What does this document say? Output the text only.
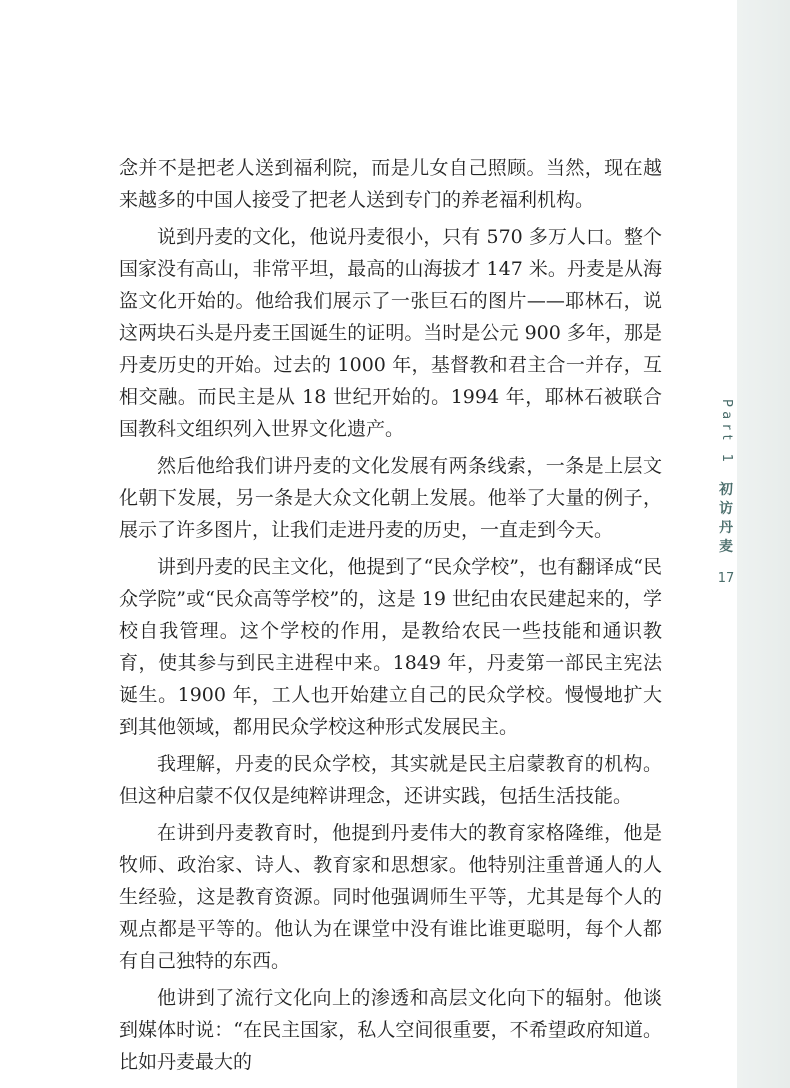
Part 1
初
访
丹
麦
17

念并不是把老人送到福利院，而是儿女自己照顾。当然，现在越来越多的中国人接受了把老人送到专门的养老福利机构。

说到丹麦的文化，他说丹麦很小，只有 570 多万人口。整个国家没有高山，非常平坦，最高的山海拔才 147 米。丹麦是从海盗文化开始的。他给我们展示了一张巨石的图片——耶林石，说这两块石头是丹麦王国诞生的证明。当时是公元 900 多年，那是丹麦历史的开始。过去的 1000 年，基督教和君主合一并存，互相交融。而民主是从 18 世纪开始的。1994 年，耶林石被联合国教科文组织列入世界文化遗产。

然后他给我们讲丹麦的文化发展有两条线索，一条是上层文化朝下发展，另一条是大众文化朝上发展。他举了大量的例子，展示了许多图片，让我们走进丹麦的历史，一直走到今天。

讲到丹麦的民主文化，他提到了“民众学校”，也有翻译成“民众学院”或“民众高等学校”的，这是 19 世纪由农民建起来的，学校自我管理。这个学校的作用，是教给农民一些技能和通识教育，使其参与到民主进程中来。1849 年，丹麦第一部民主宪法诞生。1900 年，工人也开始建立自己的民众学校。慢慢地扩大到其他领域，都用民众学校这种形式发展民主。

我理解，丹麦的民众学校，其实就是民主启蒙教育的机构。但这种启蒙不仅仅是纯粹讲理念，还讲实践，包括生活技能。

在讲到丹麦教育时，他提到丹麦伟大的教育家格隆维，他是牧师、政治家、诗人、教育家和思想家。他特别注重普通人的人生经验，这是教育资源。同时他强调师生平等，尤其是每个人的观点都是平等的。他认为在课堂中没有谁比谁更聪明，每个人都有自己独特的东西。

他讲到了流行文化向上的渗透和高层文化向下的辐射。他谈到媒体时说：“在民主国家，私人空间很重要，不希望政府知道。比如丹麦最大的
